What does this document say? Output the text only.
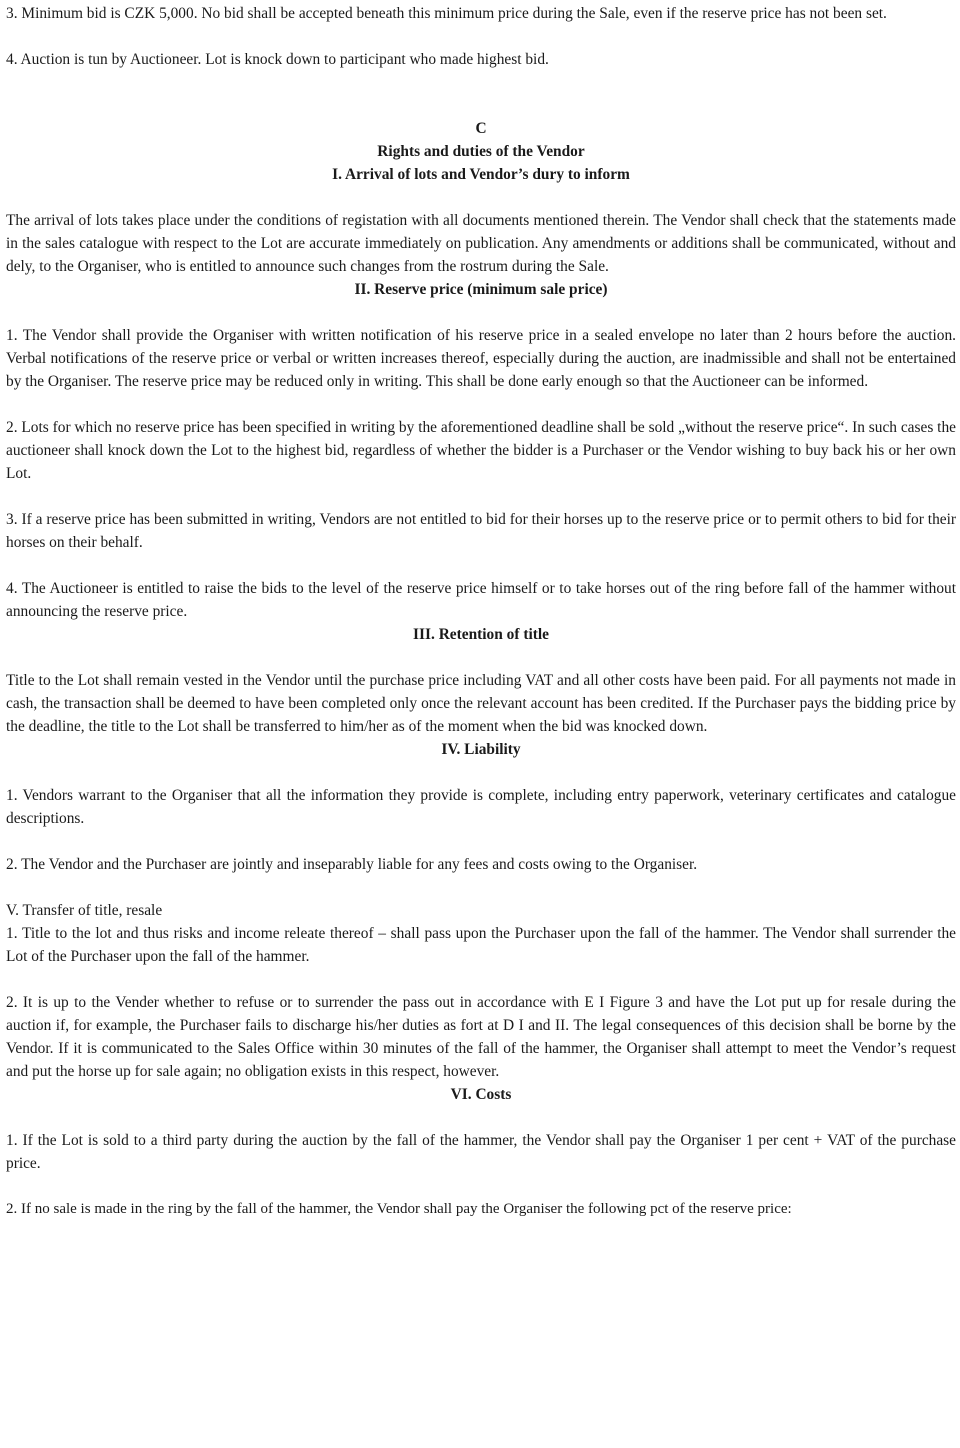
3. Minimum bid is CZK 5,000. No bid shall be accepted beneath this minimum price during the Sale, even if the reserve price has not been set.

4. Auction is tun by Auctioneer. Lot is knock down to participant who made highest bid.

C

Rights and duties of the Vendor

I. Arrival of lots and Vendor’s dury to inform

The arrival of lots takes place under the conditions of registation with all documents mentioned therein. The Vendor shall check that the statements made in the sales catalogue with respect to the Lot are accurate immediately on publication. Any amendments or additions shall be communicated, without and dely, to the Organiser, who is entitled to announce such changes from the rostrum during the Sale.

II. Reserve price (minimum sale price)

1. The Vendor shall provide the Organiser with written notification of his reserve price in a sealed envelope no later than 2 hours before the auction. Verbal notifications of the reserve price or verbal or written increases thereof, especially during the auction, are inadmissible and shall not be entertained by the Organiser. The reserve price may be reduced only in writing. This shall be done early enough so that the Auctioneer can be informed.

2. Lots for which no reserve price has been specified in writing by the aforementioned deadline shall be sold „without the reserve price“. In such cases the auctioneer shall knock down the Lot to the highest bid, regardless of whether the bidder is a Purchaser or the Vendor wishing to buy back his or her own Lot.

3. If a reserve price has been submitted in writing, Vendors are not entitled to bid for their horses up to the reserve price or to permit others to bid for their horses on their behalf.

4. The Auctioneer is entitled to raise the bids to the level of the reserve price himself or to take horses out of the ring before fall of the hammer without announcing the reserve price.

III. Retention of title

Title to the Lot shall remain vested in the Vendor until the purchase price including VAT and all other costs have been paid. For all payments not made in cash, the transaction shall be deemed to have been completed only once the relevant account has been credited. If the Purchaser pays the bidding price by the deadline, the title to the Lot shall be transferred to him/her as of the moment when the bid was knocked down.

IV. Liability

1. Vendors warrant to the Organiser that all the information they provide is complete, including entry paperwork, veterinary certificates and catalogue descriptions.

2. The Vendor and the Purchaser are jointly and inseparably liable for any fees and costs owing to the Organiser.

V. Transfer of title, resale

1. Title to the lot and thus risks and income releate thereof – shall pass upon the Purchaser upon the fall of the hammer. The Vendor shall surrender the Lot of the Purchaser upon the fall of the hammer.

2. It is up to the Vender whether to refuse or to surrender the pass out in accordance with E I Figure 3 and have the Lot put up for resale during the auction if, for example, the Purchaser fails to discharge his/her duties as fort at D I and II. The legal consequences of this decision shall be borne by the Vendor. If it is communicated to the Sales Office within 30 minutes of the fall of the hammer, the Organiser shall attempt to meet the Vendor’s request and put the horse up for sale again; no obligation exists in this respect, however.

VI. Costs

1. If the Lot is sold to a third party during the auction by the fall of the hammer, the Vendor shall pay the Organiser 1 per cent + VAT of the purchase price.

2. If no sale is made in the ring by the fall of the hammer, the Vendor shall pay the Organiser the following pct of the reserve price:
